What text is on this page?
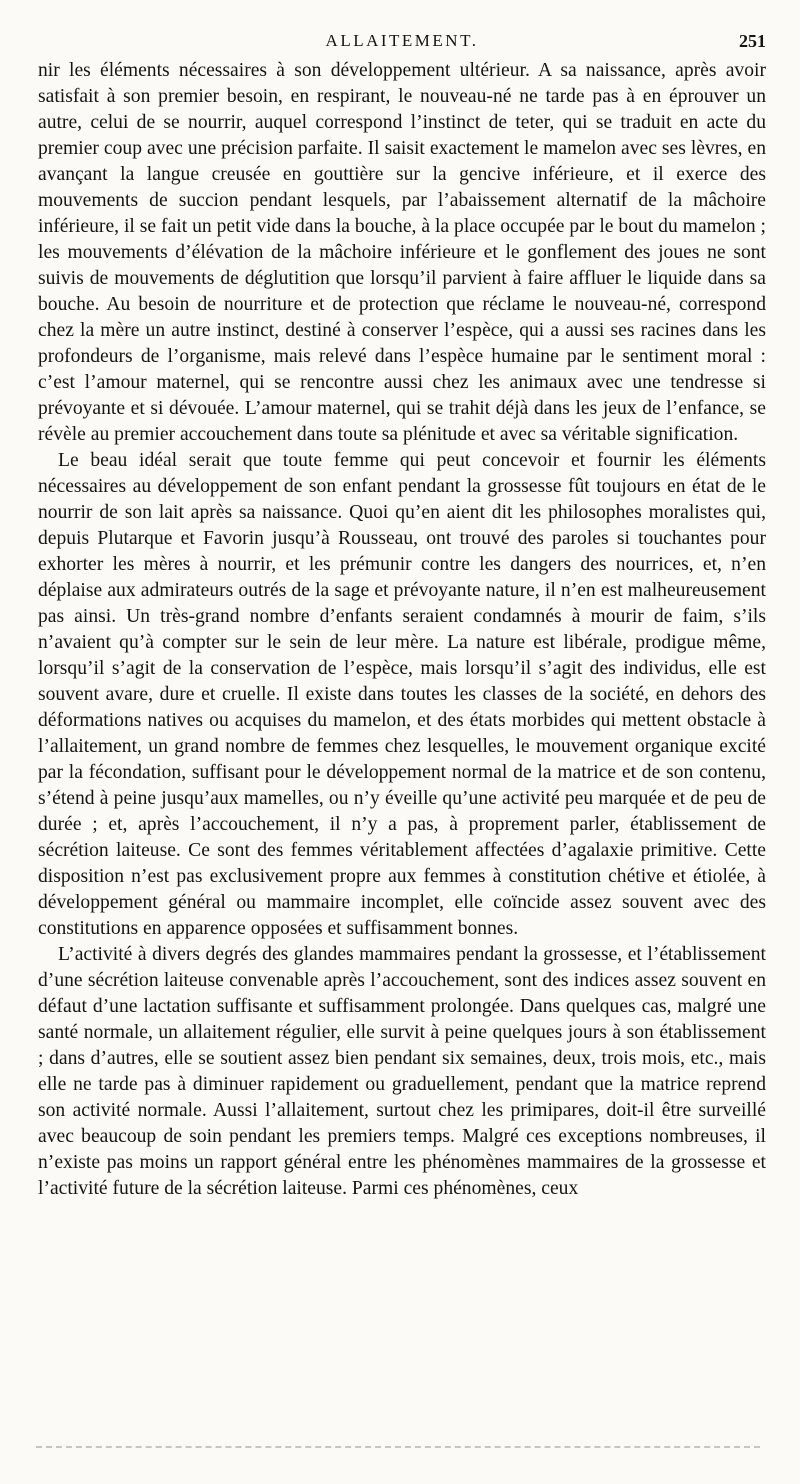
ALLAITEMENT.	251

nir les éléments nécessaires à son développement ultérieur. A sa naissance, après avoir satisfait à son premier besoin, en respirant, le nouveau-né ne tarde pas à en éprouver un autre, celui de se nourrir, auquel correspond l’instinct de teter, qui se traduit en acte du premier coup avec une précision parfaite. Il saisit exactement le mamelon avec ses lèvres, en avançant la langue creusée en gouttière sur la gencive inférieure, et il exerce des mouvements de succion pendant lesquels, par l’abaissement alternatif de la mâchoire inférieure, il se fait un petit vide dans la bouche, à la place occupée par le bout du mamelon ; les mouvements d’élévation de la mâchoire inférieure et le gonflement des joues ne sont suivis de mouvements de déglutition que lorsqu’il parvient à faire affluer le liquide dans sa bouche. Au besoin de nourriture et de protection que réclame le nouveau-né, correspond chez la mère un autre instinct, destiné à conserver l’espèce, qui a aussi ses racines dans les profondeurs de l’organisme, mais relevé dans l’espèce humaine par le sentiment moral : c’est l’amour maternel, qui se rencontre aussi chez les animaux avec une tendresse si prévoyante et si dévouée. L’amour maternel, qui se trahit déjà dans les jeux de l’enfance, se révèle au premier accouchement dans toute sa plénitude et avec sa véritable signification.

Le beau idéal serait que toute femme qui peut concevoir et fournir les éléments nécessaires au développement de son enfant pendant la grossesse fût toujours en état de le nourrir de son lait après sa naissance. Quoi qu’en aient dit les philosophes moralistes qui, depuis Plutarque et Favorin jusqu’à Rousseau, ont trouvé des paroles si touchantes pour exhorter les mères à nourrir, et les prémunir contre les dangers des nourrices, et, n’en déplaise aux admirateurs outrés de la sage et prévoyante nature, il n’en est malheureusement pas ainsi. Un très-grand nombre d’enfants seraient condamnés à mourir de faim, s’ils n’avaient qu’à compter sur le sein de leur mère. La nature est libérale, prodigue même, lorsqu’il s’agit de la conservation de l’espèce, mais lorsqu’il s’agit des individus, elle est souvent avare, dure et cruelle. Il existe dans toutes les classes de la société, en dehors des déformations natives ou acquises du mamelon, et des états morbides qui mettent obstacle à l’allaitement, un grand nombre de femmes chez lesquelles, le mouvement organique excité par la fécondation, suffisant pour le développement normal de la matrice et de son contenu, s’étend à peine jusqu’aux mamelles, ou n’y éveille qu’une activité peu marquée et de peu de durée ; et, après l’accouchement, il n’y a pas, à proprement parler, établissement de sécrétion laiteuse. Ce sont des femmes véritablement affectées d’agalaxie primitive. Cette disposition n’est pas exclusivement propre aux femmes à constitution chétive et étiolée, à développement général ou mammaire incomplet, elle coïncide assez souvent avec des constitutions en apparence opposées et suffisamment bonnes.

L’activité à divers degrés des glandes mammaires pendant la grossesse, et l’établissement d’une sécrétion laiteuse convenable après l’accouchement, sont des indices assez souvent en défaut d’une lactation suffisante et suffisamment prolongée. Dans quelques cas, malgré une santé normale, un allaitement régulier, elle survit à peine quelques jours à son établissement ; dans d’autres, elle se soutient assez bien pendant six semaines, deux, trois mois, etc., mais elle ne tarde pas à diminuer rapidement ou graduellement, pendant que la matrice reprend son activité normale. Aussi l’allaitement, surtout chez les primipares, doit-il être surveillé avec beaucoup de soin pendant les premiers temps. Malgré ces exceptions nombreuses, il n’existe pas moins un rapport général entre les phénomènes mammaires de la grossesse et l’activité future de la sécrétion laiteuse. Parmi ces phénomènes, ceux
